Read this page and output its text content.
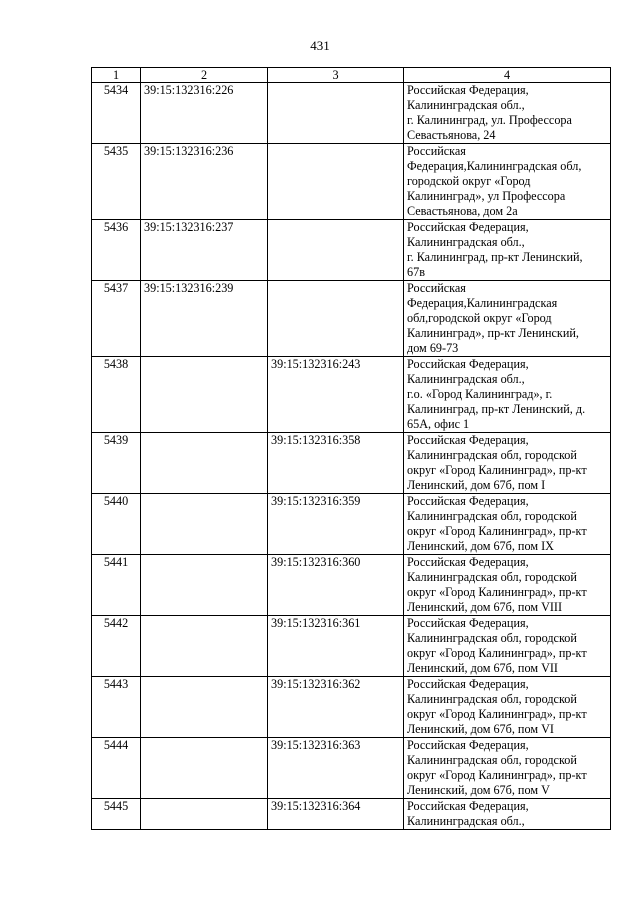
431
1	2	3	4
5434	39:15:132316:226		Российская Федерация,
Калининградская обл.,
г. Калининград, ул. Профессора
Севастьянова, 24

5435	39:15:132316:236		Российская
Федерация,Калининградская обл,
городской округ «Город
Калининград», ул Профессора
Севастьянова, дом 2а

5436	39:15:132316:237		Российская Федерация,
Калининградская обл.,
г. Калининград, пр-кт Ленинский,
67в

5437	39:15:132316:239		Российская
Федерация,Калининградская
обл,городской округ «Город
Калининград», пр-кт Ленинский,
дом 69-73

5438		39:15:132316:243	Российская Федерация,
Калининградская обл.,
г.о. «Город Калининград», г.
Калининград, пр-кт Ленинский, д.
65А, офис 1

5439		39:15:132316:358	Российская Федерация,
Калининградская обл, городской
округ «Город Калининград», пр-кт
Ленинский, дом 67б, пом I

5440		39:15:132316:359	Российская Федерация,
Калининградская обл, городской
округ «Город Калининград», пр-кт
Ленинский, дом 67б, пом IX

5441		39:15:132316:360	Российская Федерация,
Калининградская обл, городской
округ «Город Калининград», пр-кт
Ленинский, дом 67б, пом VIII

5442		39:15:132316:361	Российская Федерация,
Калининградская обл, городской
округ «Город Калининград», пр-кт
Ленинский, дом 67б, пом VII

5443		39:15:132316:362	Российская Федерация,
Калининградская обл, городской
округ «Город Калининград», пр-кт
Ленинский, дом 67б, пом VI

5444		39:15:132316:363	Российская Федерация,
Калининградская обл, городской
округ «Город Калининград», пр-кт
Ленинский, дом 67б, пом V

5445		39:15:132316:364	Российская Федерация,
Калининградская обл.,
